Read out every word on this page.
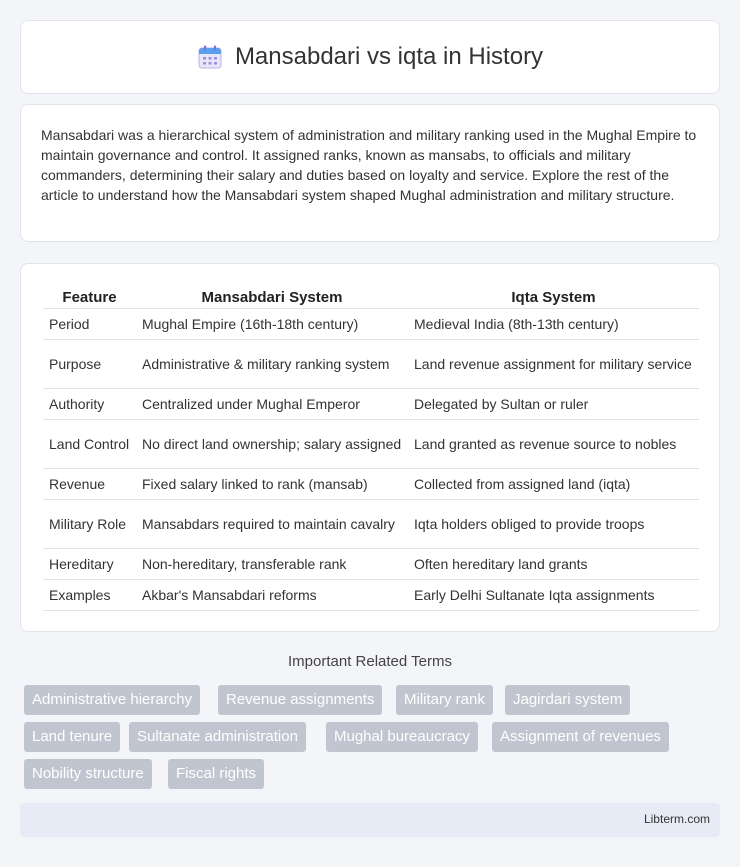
Mansabdari vs iqta in History

Mansabdari was a hierarchical system of administration and military ranking used in the Mughal Empire to maintain governance and control. It assigned ranks, known as mansabs, to officials and military commanders, determining their salary and duties based on loyalty and service. Explore the rest of the article to understand how the Mansabdari system shaped Mughal administration and military structure.

Feature	Mansabdari System	Iqta System
Period	Mughal Empire (16th-18th century)	Medieval India (8th-13th century)
Purpose	Administrative & military ranking system	Land revenue assignment for military service
Authority	Centralized under Mughal Emperor	Delegated by Sultan or ruler
Land Control	No direct land ownership; salary assigned	Land granted as revenue source to nobles
Revenue	Fixed salary linked to rank (mansab)	Collected from assigned land (iqta)
Military Role	Mansabdars required to maintain cavalry	Iqta holders obliged to provide troops
Hereditary	Non-hereditary, transferable rank	Often hereditary land grants
Examples	Akbar's Mansabdari reforms	Early Delhi Sultanate Iqta assignments
Important Related Terms
Administrative hierarchy	Revenue assignments	Military rank	Jagirdari system
Land tenure	Sultanate administration	Mughal bureaucracy	Assignment of revenues
Nobility structure	Fiscal rights
Libterm.com
